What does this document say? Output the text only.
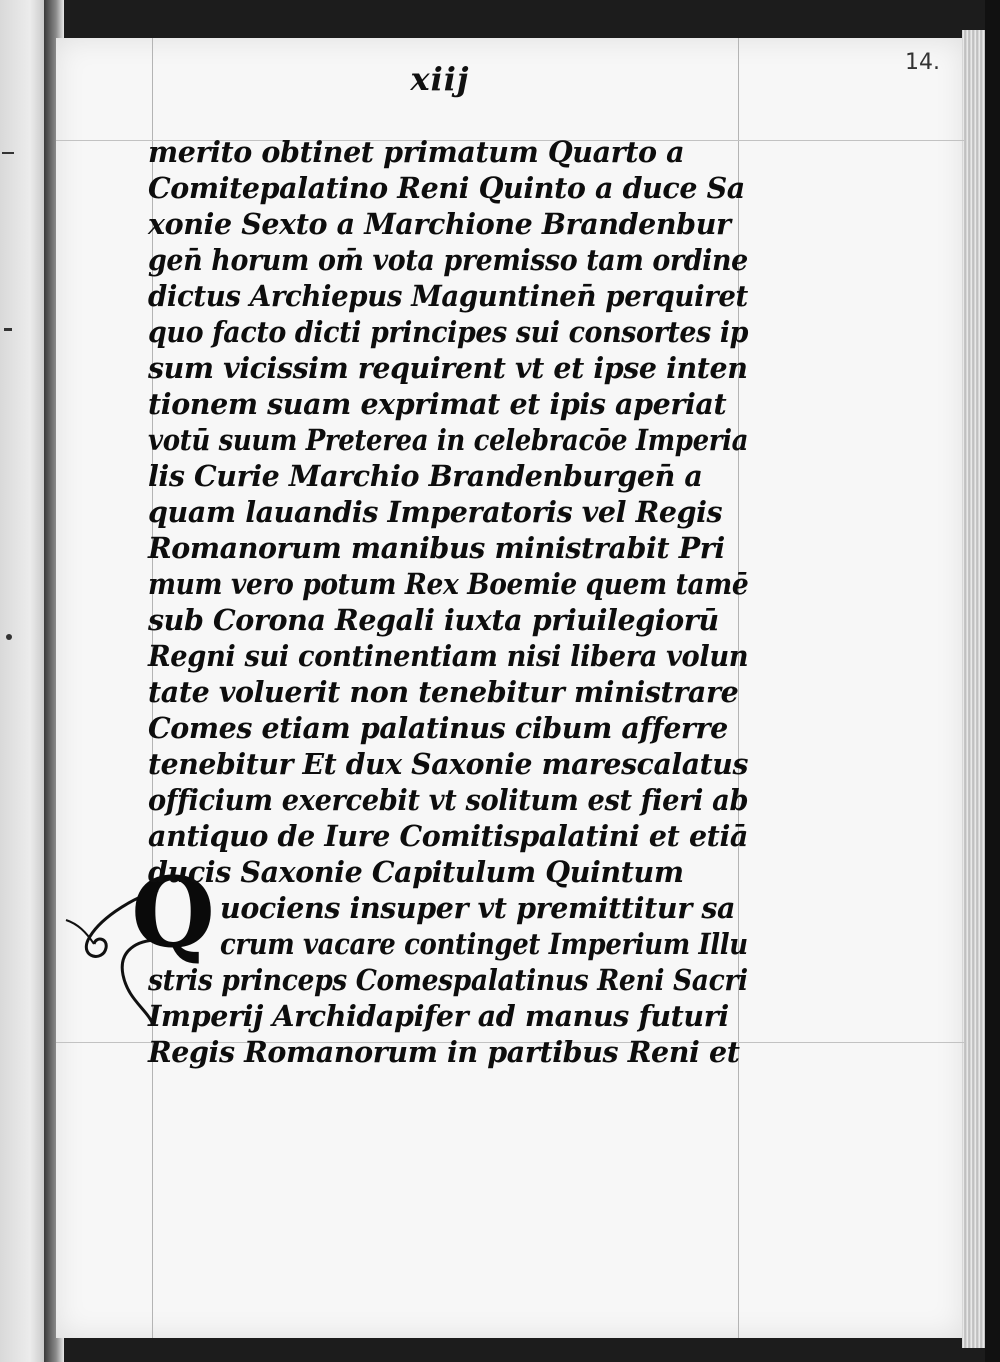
xiij	14.
Q
merito obtinet primatum Quarto a
Comitepalatino Reni Quinto a duce Sa
xonie Sexto a Marchione Brandenbur
gen̄ horum om̄ vota premisso tam ordine
dictus Archiepus Maguntinen̄ perquiret
quo facto dicti principes sui consortes ip
sum vicissim requirent vt et ipse inten
tionem suam exprimat et ipis aperiat
votū suum Preterea in celebracōe Imperia
lis Curie Marchio Brandenburgen̄ a
quam lauandis Imperatoris vel Regis
Romanorum manibus ministrabit Pri
mum vero potum Rex Boemie quem tamē
sub Corona Regali iuxta priuilegiorū
Regni sui continentiam nisi libera volun
tate voluerit non tenebitur ministrare
Comes etiam palatinus cibum afferre
tenebitur Et dux Saxonie marescalatus
officium exercebit vt solitum est fieri ab
antiquo de Iure Comitispalatini et etiā
ducis Saxonie Capitulum Quintum
uociens insuper vt premittitur sa
crum vacare continget Imperium Illu
stris princeps Comespalatinus Reni Sacri
Imperij Archidapifer ad manus futuri
Regis Romanorum in partibus Reni et
